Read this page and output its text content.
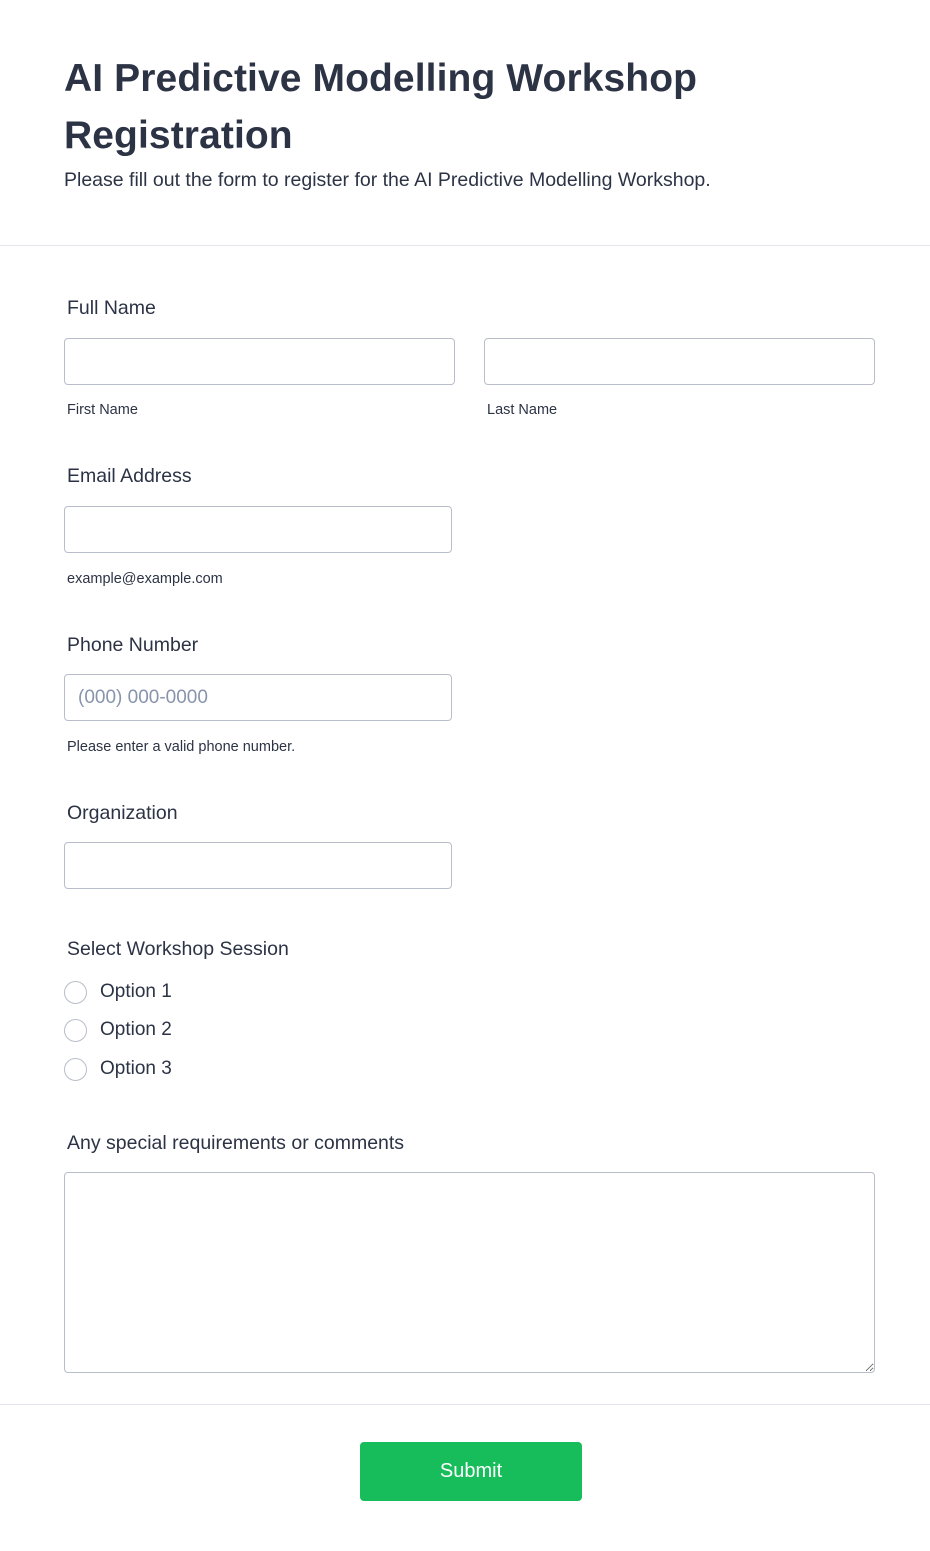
AI Predictive Modelling Workshop Registration

Please fill out the form to register for the AI Predictive Modelling Workshop.

Full Name
First Name	Last Name
Email Address
example@example.com
Phone Number
(000) 000-0000
Please enter a valid phone number.
Organization
Select Workshop Session
Option 1
Option 2
Option 3
Any special requirements or comments
Submit
